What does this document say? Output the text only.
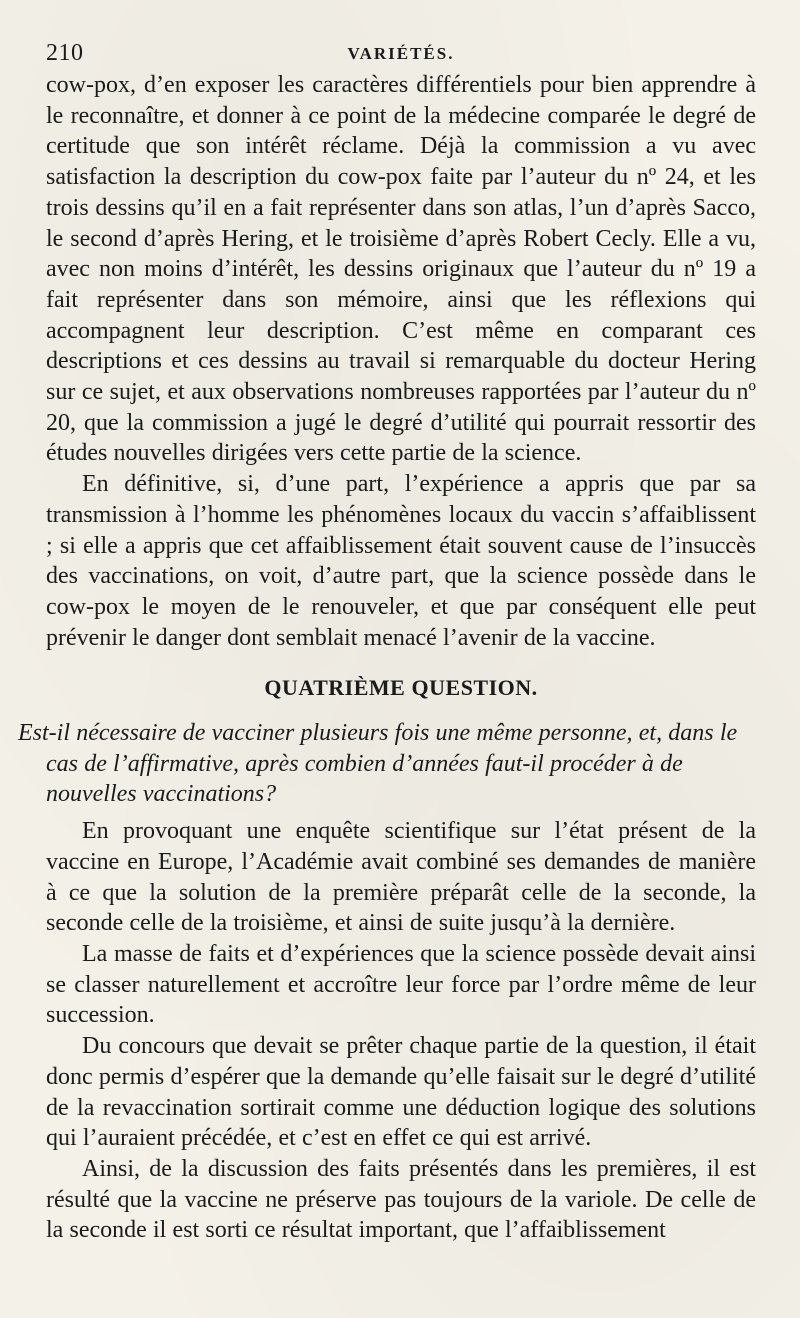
210	VARIÉTÉS.

cow-pox, d’en exposer les caractères différentiels pour bien apprendre à le reconnaître, et donner à ce point de la médecine comparée le degré de certitude que son intérêt réclame. Déjà la commission a vu avec satisfaction la description du cow-pox faite par l’auteur du nº 24, et les trois dessins qu’il en a fait représenter dans son atlas, l’un d’après Sacco, le second d’après Hering, et le troisième d’après Robert Cecly. Elle a vu, avec non moins d’intérêt, les dessins originaux que l’auteur du nº 19 a fait représenter dans son mémoire, ainsi que les réflexions qui accompagnent leur description. C’est même en comparant ces descriptions et ces dessins au travail si remarquable du docteur Hering sur ce sujet, et aux observations nombreuses rapportées par l’auteur du nº 20, que la commission a jugé le degré d’utilité qui pourrait ressortir des études nouvelles dirigées vers cette partie de la science.

En définitive, si, d’une part, l’expérience a appris que par sa transmission à l’homme les phénomènes locaux du vaccin s’affaiblissent ; si elle a appris que cet affaiblissement était souvent cause de l’insuccès des vaccinations, on voit, d’autre part, que la science possède dans le cow-pox le moyen de le renouveler, et que par conséquent elle peut prévenir le danger dont semblait menacé l’avenir de la vaccine.

QUATRIÈME QUESTION.

Est-il nécessaire de vacciner plusieurs fois une même personne, et, dans le cas de l’affirmative, après combien d’années faut-il procéder à de nouvelles vaccinations?

En provoquant une enquête scientifique sur l’état présent de la vaccine en Europe, l’Académie avait combiné ses demandes de manière à ce que la solution de la première préparât celle de la seconde, la seconde celle de la troisième, et ainsi de suite jusqu’à la dernière.

La masse de faits et d’expériences que la science possède devait ainsi se classer naturellement et accroître leur force par l’ordre même de leur succession.

Du concours que devait se prêter chaque partie de la question, il était donc permis d’espérer que la demande qu’elle faisait sur le degré d’utilité de la revaccination sortirait comme une déduction logique des solutions qui l’auraient précédée, et c’est en effet ce qui est arrivé.

Ainsi, de la discussion des faits présentés dans les premières, il est résulté que la vaccine ne préserve pas toujours de la variole. De celle de la seconde il est sorti ce résultat important, que l’affaiblissement
